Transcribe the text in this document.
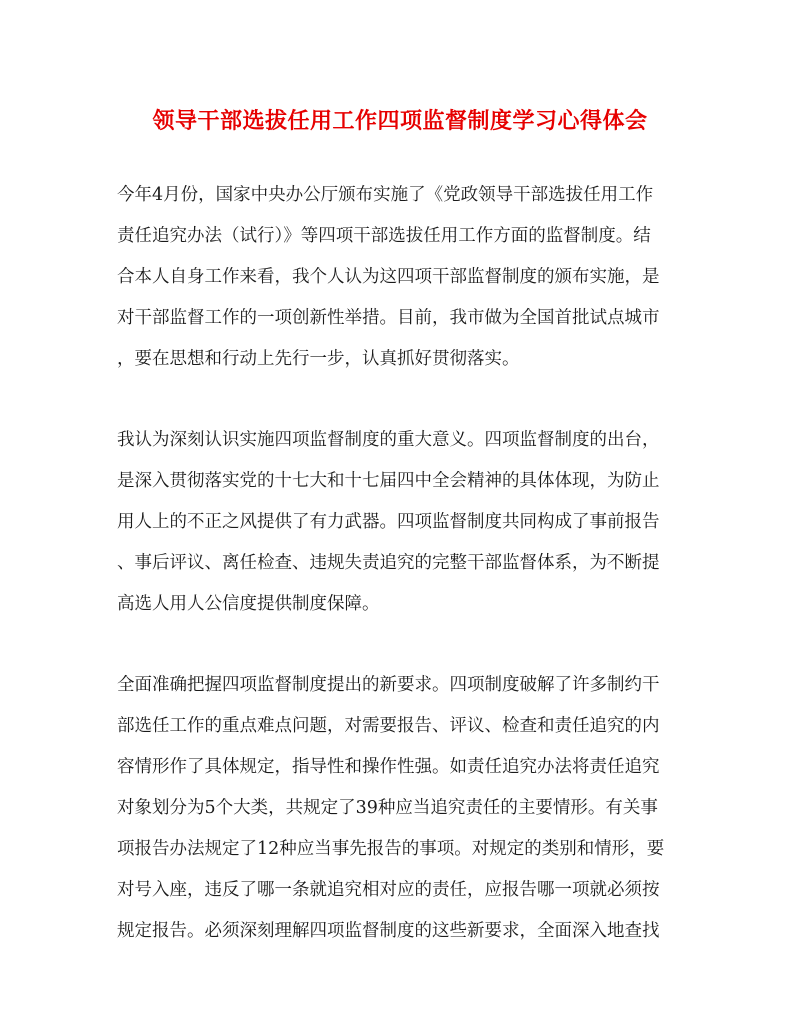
领导干部选拔任用工作四项监督制度学习心得体会
今年4月份，国家中央办公厅颁布实施了《党政领导干部选拔任用工作
责任追究办法（试行）》等四项干部选拔任用工作方面的监督制度。结
合本人自身工作来看，我个人认为这四项干部监督制度的颁布实施，是
对干部监督工作的一项创新性举措。目前，我市做为全国首批试点城市
，要在思想和行动上先行一步，认真抓好贯彻落实。
我认为深刻认识实施四项监督制度的重大意义。四项监督制度的出台，
是深入贯彻落实党的十七大和十七届四中全会精神的具体体现，为防止
用人上的不正之风提供了有力武器。四项监督制度共同构成了事前报告
、事后评议、离任检查、违规失责追究的完整干部监督体系，为不断提
高选人用人公信度提供制度保障。
全面准确把握四项监督制度提出的新要求。四项制度破解了许多制约干
部选任工作的重点难点问题，对需要报告、评议、检查和责任追究的内
容情形作了具体规定，指导性和操作性强。如责任追究办法将责任追究
对象划分为5个大类，共规定了39种应当追究责任的主要情形。有关事
项报告办法规定了12种应当事先报告的事项。对规定的类别和情形，要
对号入座，违反了哪一条就追究相对应的责任，应报告哪一项就必须按
规定报告。必须深刻理解四项监督制度的这些新要求，全面深入地查找
